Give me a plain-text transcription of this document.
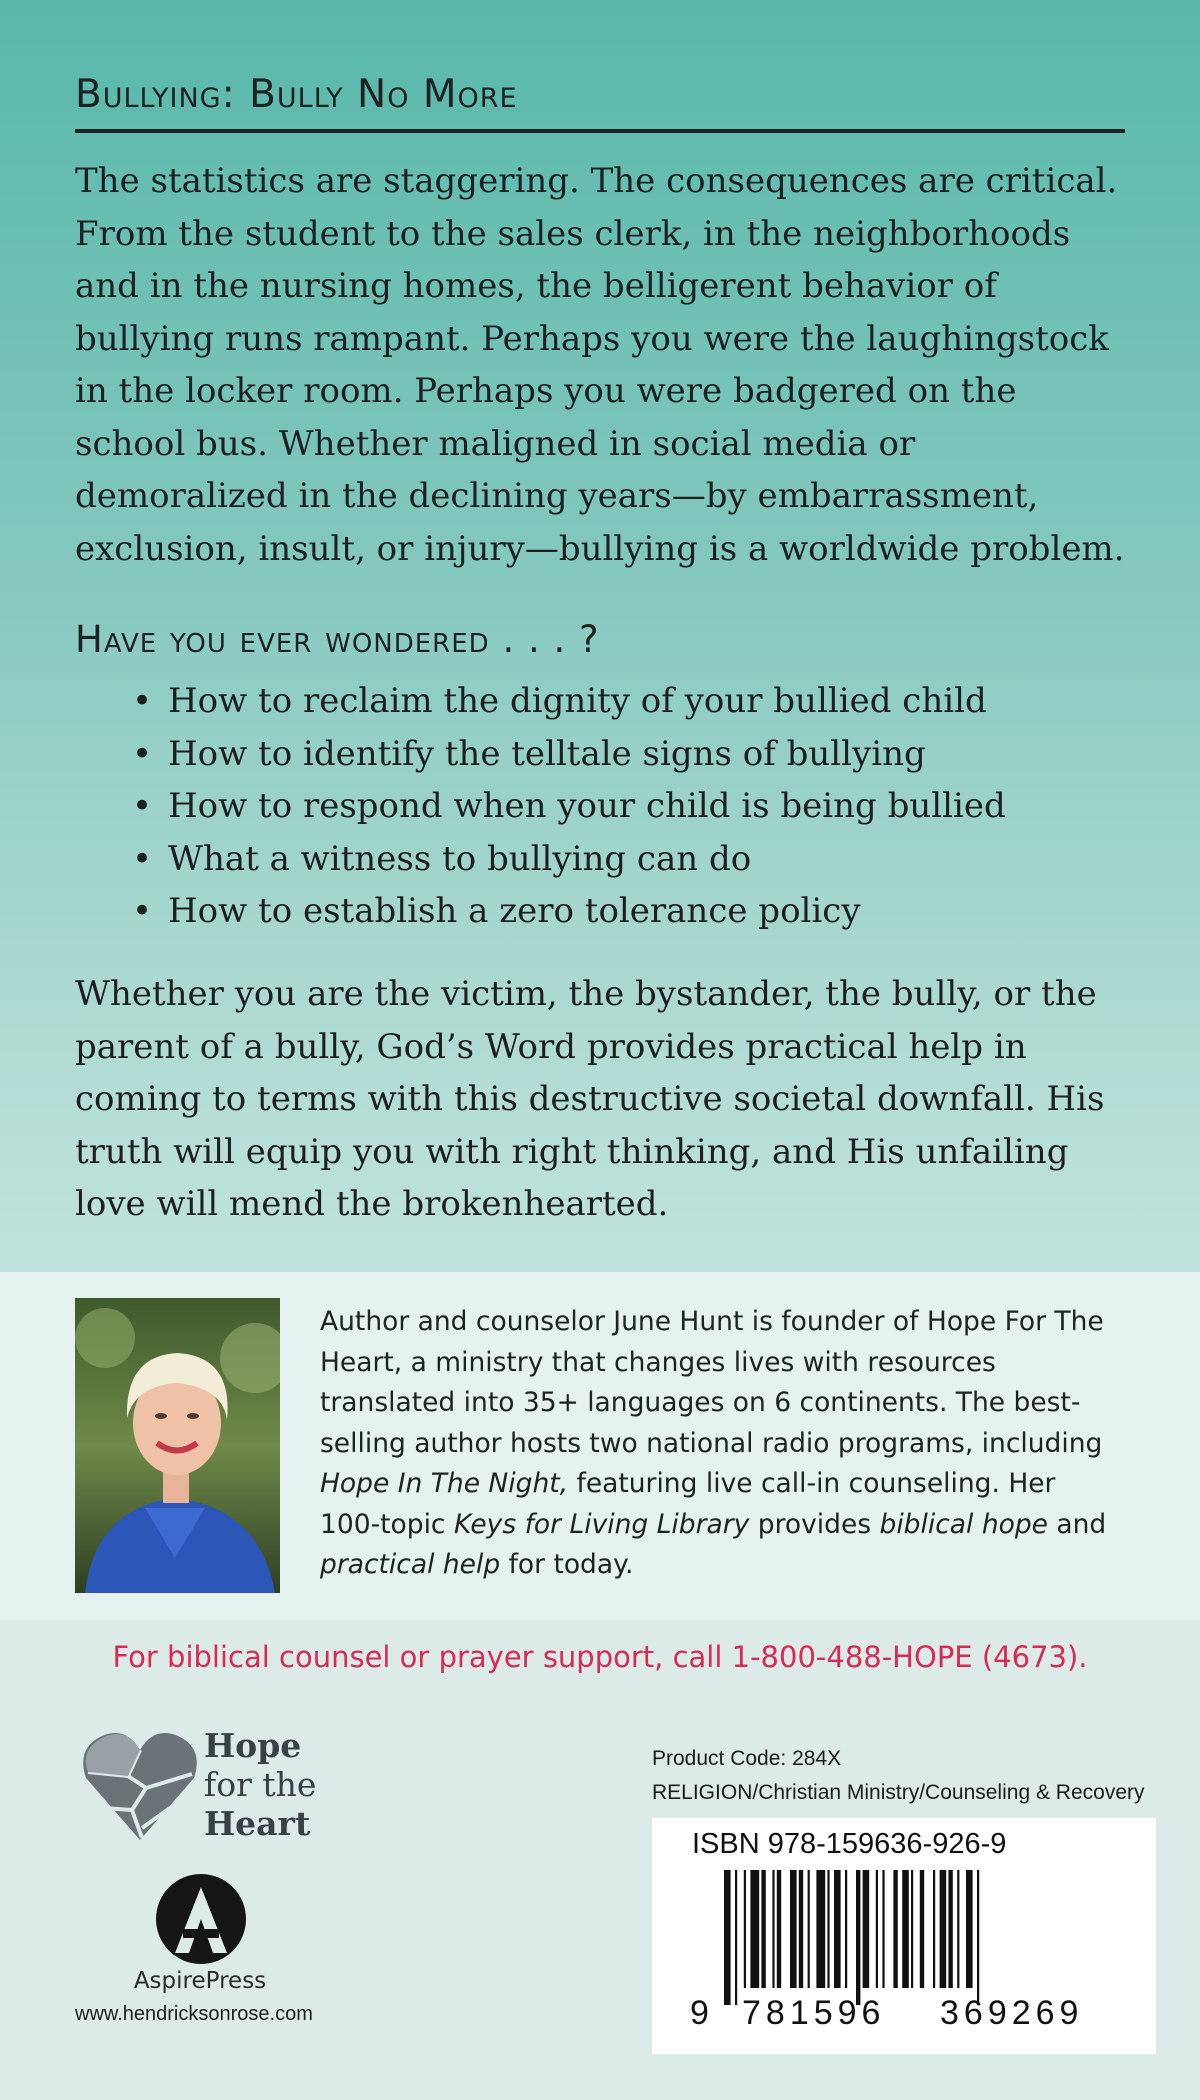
Bullying: Bully No More

The statistics are staggering. The consequences are critical. From the student to the sales clerk, in the neighborhoods and in the nursing homes, the belligerent behavior of bullying runs rampant. Perhaps you were the laughingstock in the locker room. Perhaps you were badgered on the school bus. Whether maligned in social media or demoralized in the declining years—by embarrassment, exclusion, insult, or injury—bullying is a worldwide problem.

Have you ever wondered . . . ?
• How to reclaim the dignity of your bullied child
• How to identify the telltale signs of bullying
• How to respond when your child is being bullied
• What a witness to bullying can do
• How to establish a zero tolerance policy

Whether you are the victim, the bystander, the bully, or the parent of a bully, God’s Word provides practical help in coming to terms with this destructive societal downfall. His truth will equip you with right thinking, and His unfailing love will mend the brokenhearted.

Author and counselor June Hunt is founder of Hope For The Heart, a ministry that changes lives with resources translated into 35+ languages on 6 continents. The best-selling author hosts two national radio programs, including Hope In The Night, featuring live call-in counseling. Her 100-topic Keys for Living Library provides biblical hope and practical help for today.

For biblical counsel or prayer support, call 1-800-488-HOPE (4673).
Hope
for the
Heart
AspirePress
www.hendricksonrose.com
Product Code: 284X
RELIGION/Christian Ministry/Counseling & Recovery
ISBN 978-159636-926-9
9 781596 369269
